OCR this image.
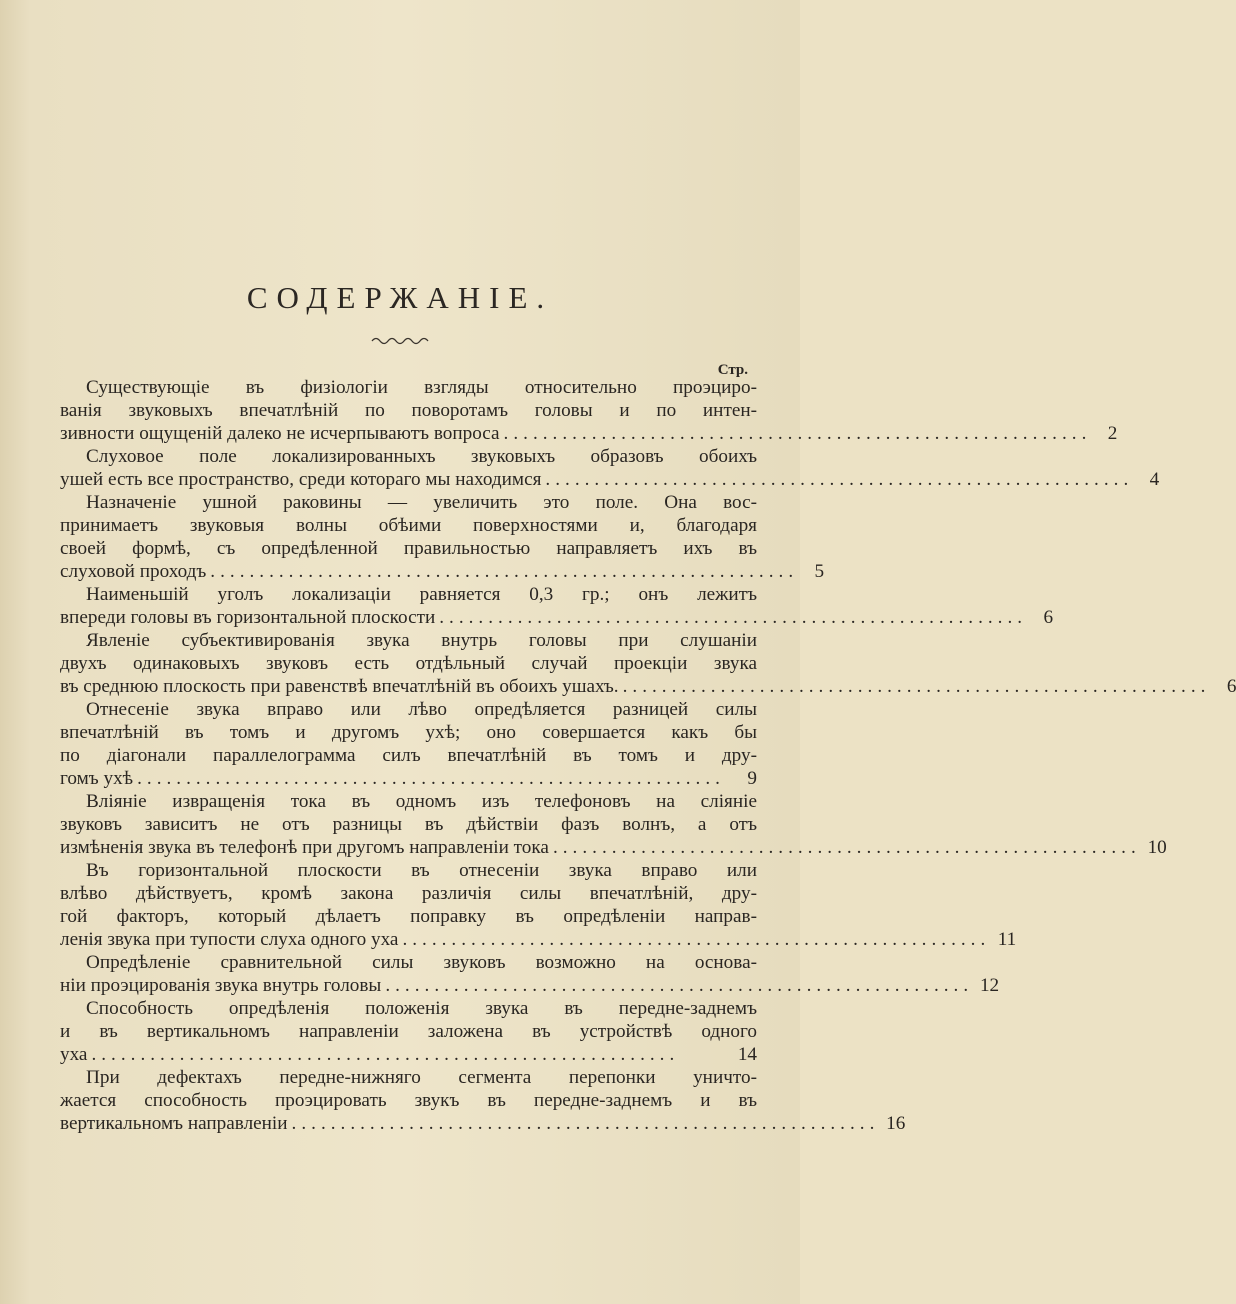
СОДЕРЖАНІЕ.
Стр.
Существующіе въ физіологіи взгляды относительно проэциро-
ванія звуковыхъ впечатлѣній по поворотамъ головы и по интен-
зивности ощущеній далеко не исчерпываютъ вопроса ............................................................ 2
Слуховое поле локализированныхъ звуковыхъ образовъ обоихъ
ушей есть все пространство, среди котораго мы находимся ............................................................ 4
Назначеніе ушной раковины — увеличить это поле. Она вос-
принимаетъ звуковыя волны обѣими поверхностями и, благодаря
своей формѣ, съ опредѣленной правильностью направляетъ ихъ въ
слуховой проходъ ............................................................ 5
Наименьшій уголъ локализаціи равняется 0,3 гр.; онъ лежитъ
впереди головы въ горизонтальной плоскости ............................................................ 6
Явленіе субъективированія звука внутрь головы при слушаніи
двухъ одинаковыхъ звуковъ есть отдѣльный случай проекціи звука
въ среднюю плоскость при равенствѣ впечатлѣній въ обоихъ ушахъ. ............................................................ 6
Отнесеніе звука вправо или лѣво опредѣляется разницей силы
впечатлѣній въ томъ и другомъ ухѣ; оно совершается какъ бы
по діагонали параллелограмма силъ впечатлѣній въ томъ и дру-
гомъ ухѣ ............................................................	9
Вліяніе извращенія тока въ одномъ изъ телефоновъ на сліяніе
звуковъ зависитъ не отъ разницы въ дѣйствіи фазъ волнъ, а отъ
измѣненія звука въ телефонѣ при другомъ направленіи тока ............................................................ 10
Въ горизонтальной плоскости въ отнесеніи звука вправо или
влѣво дѣйствуетъ, кромѣ закона различія силы впечатлѣній, дру-
гой факторъ, который дѣлаетъ поправку въ опредѣленіи направ-
ленія звука при тупости слуха одного уха ............................................................ 11
Опредѣленіе сравнительной силы звуковъ возможно на основа-
ніи проэцированія звука внутрь головы ............................................................ 12
Способность опредѣленія положенія звука въ передне-заднемъ
и въ вертикальномъ направленіи заложена въ устройствѣ одного
уха ............................................................	14
При дефектахъ передне-нижняго сегмента перепонки уничто-
жается способность проэцировать звукъ въ передне-заднемъ и въ
вертикальномъ направленіи ............................................................ 16
